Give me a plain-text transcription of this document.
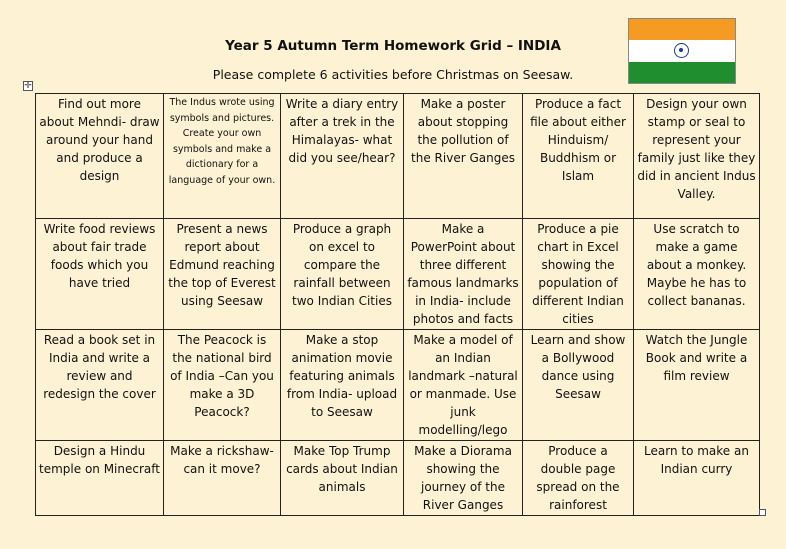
Year 5 Autumn Term Homework Grid – INDIA
Please complete 6 activities before Christmas on Seesaw.
✛
Find out more about Mehndi- draw around your hand and produce a design	The Indus wrote using symbols and pictures. Create your own symbols and make a dictionary for a language of your own.	Write a diary entry after a trek in the Himalayas- what did you see/hear?	Make a poster about stopping the pollution of the River Ganges	Produce a fact file about either Hinduism/ Buddhism or Islam	Design your own stamp or seal to represent your family just like they did in ancient Indus Valley.
Write food reviews about fair trade foods which you have tried	Present a news report about Edmund reaching the top of Everest using Seesaw	Produce a graph on excel to compare the rainfall between two Indian Cities	Make a PowerPoint about three different famous landmarks in India- include photos and facts	Produce a pie chart in Excel showing the population of different Indian cities	Use scratch to make a game about a monkey. Maybe he has to collect bananas.
Read a book set in India and write a review and redesign the cover	The Peacock is the national bird of India –Can you make a 3D Peacock?	Make a stop animation movie featuring animals from India- upload to Seesaw	Make a model of an Indian landmark –natural or manmade. Use junk modelling/lego	Learn and show a Bollywood dance using Seesaw	Watch the Jungle Book and write a film review
Design a Hindu temple on Minecraft	Make a rickshaw- can it move?	Make Top Trump cards about Indian animals	Make a Diorama showing the journey of the River Ganges	Produce a double page spread on the rainforest	Learn to make an Indian curry
